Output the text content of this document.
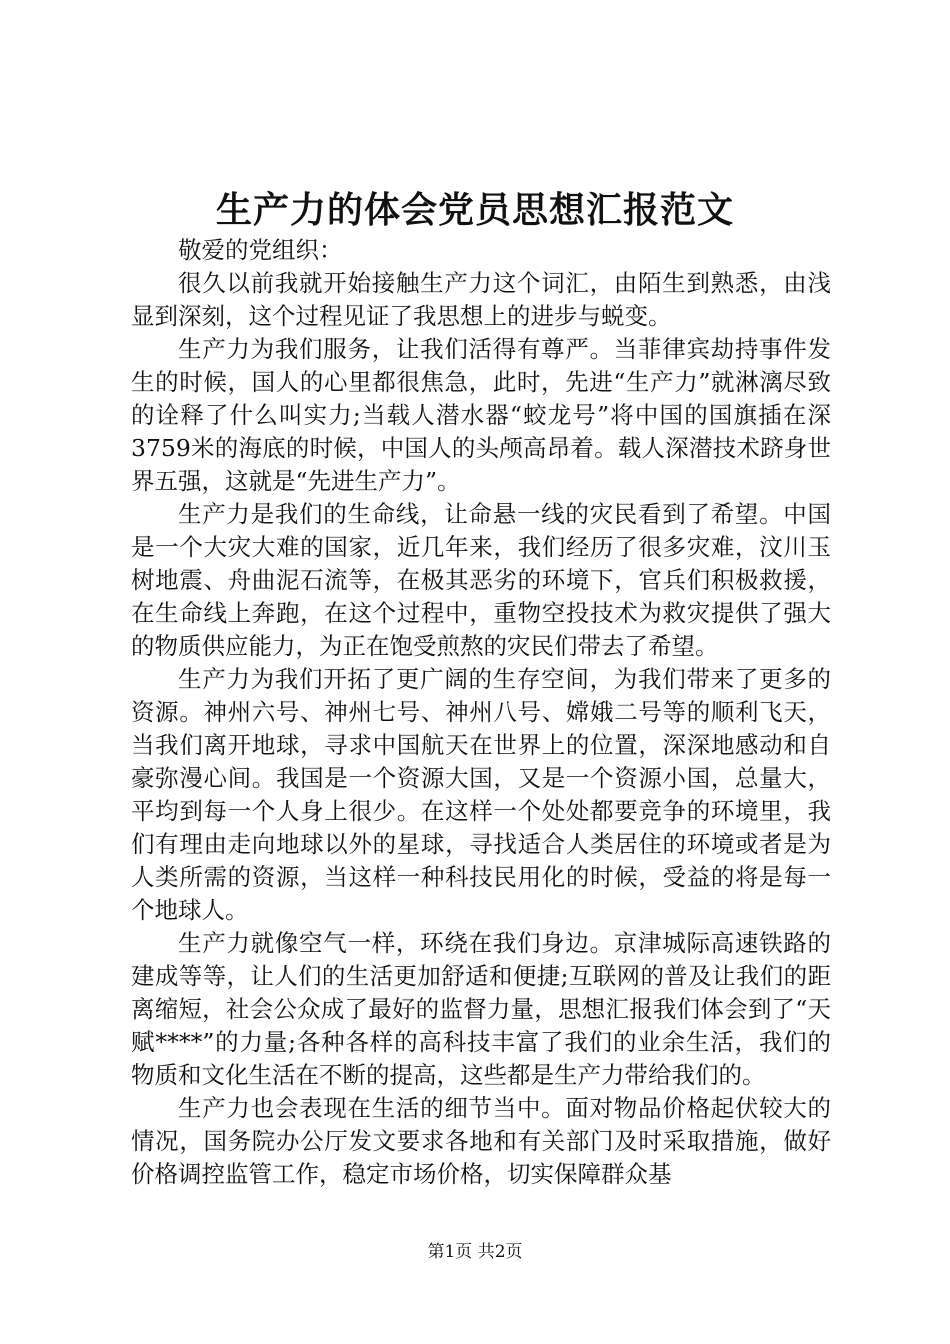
生产力的体会党员思想汇报范文

敬爱的党组织：

很久以前我就开始接触生产力这个词汇，由陌生到熟悉，由浅显到深刻，这个过程见证了我思想上的进步与蜕变。

生产力为我们服务，让我们活得有尊严。当菲律宾劫持事件发生的时候，国人的心里都很焦急，此时，先进“生产力”就淋漓尽致的诠释了什么叫实力;当载人潜水器“蛟龙号”将中国的国旗插在深3759米的海底的时候，中国人的头颅高昂着。载人深潜技术跻身世界五强，这就是“先进生产力”。

生产力是我们的生命线，让命悬一线的灾民看到了希望。中国是一个大灾大难的国家，近几年来，我们经历了很多灾难，汶川玉树地震、舟曲泥石流等，在极其恶劣的环境下，官兵们积极救援，在生命线上奔跑，在这个过程中，重物空投技术为救灾提供了强大的物质供应能力，为正在饱受煎熬的灾民们带去了希望。

生产力为我们开拓了更广阔的生存空间，为我们带来了更多的资源。神州六号、神州七号、神州八号、嫦娥二号等的顺利飞天，当我们离开地球，寻求中国航天在世界上的位置，深深地感动和自豪弥漫心间。我国是一个资源大国，又是一个资源小国，总量大，平均到每一个人身上很少。在这样一个处处都要竞争的环境里，我们有理由走向地球以外的星球，寻找适合人类居住的环境或者是为人类所需的资源，当这样一种科技民用化的时候，受益的将是每一个地球人。

生产力就像空气一样，环绕在我们身边。京津城际高速铁路的建成等等，让人们的生活更加舒适和便捷;互联网的普及让我们的距离缩短，社会公众成了最好的监督力量，思想汇报我们体会到了“天赋****”的力量;各种各样的高科技丰富了我们的业余生活，我们的物质和文化生活在不断的提高，这些都是生产力带给我们的。

生产力也会表现在生活的细节当中。面对物品价格起伏较大的情况，国务院办公厅发文要求各地和有关部门及时采取措施，做好价格调控监管工作，稳定市场价格，切实保障群众基

第1页 共2页
